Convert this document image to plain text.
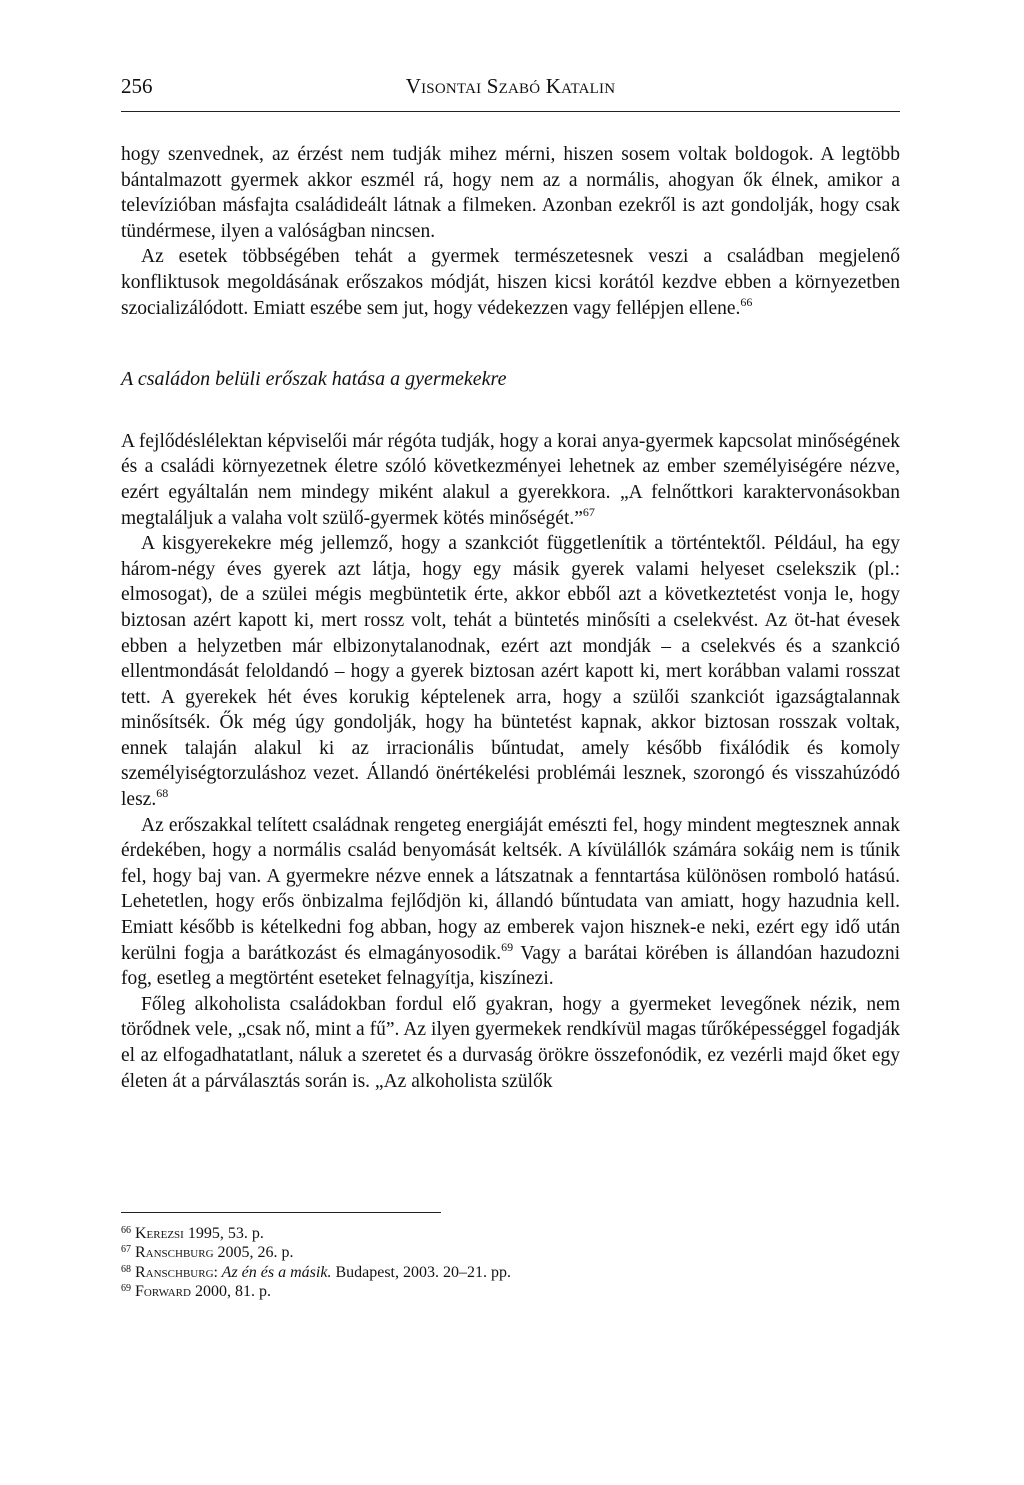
256	Visontai Szabó Katalin

hogy szenvednek, az érzést nem tudják mihez mérni, hiszen sosem voltak boldogok. A legtöbb bántalmazott gyermek akkor eszmél rá, hogy nem az a normális, ahogyan ők élnek, amikor a televízióban másfajta családideált látnak a filmeken. Azonban ezekről is azt gondolják, hogy csak tündérmese, ilyen a valóságban nincsen.

Az esetek többségében tehát a gyermek természetesnek veszi a családban megjelenő konfliktusok megoldásának erőszakos módját, hiszen kicsi korától kezdve ebben a környezetben szocializálódott. Emiatt eszébe sem jut, hogy védekezzen vagy fellépjen ellene.$^{66}$

A családon belüli erőszak hatása a gyermekekre

A fejlődéslélektan képviselői már régóta tudják, hogy a korai anya-gyermek kapcsolat minőségének és a családi környezetnek életre szóló következményei lehetnek az ember személyiségére nézve, ezért egyáltalán nem mindegy miként alakul a gyerekkora. „A felnőttkori karaktervonásokban megtaláljuk a valaha volt szülő-gyermek kötés minőségét.”$^{67}$

A kisgyerekekre még jellemző, hogy a szankciót függetlenítik a történtektől. Például, ha egy három-négy éves gyerek azt látja, hogy egy másik gyerek valami helyeset cselekszik (pl.: elmosogat), de a szülei mégis megbüntetik érte, akkor ebből azt a következtetést vonja le, hogy biztosan azért kapott ki, mert rossz volt, tehát a büntetés minősíti a cselekvést. Az öt-hat évesek ebben a helyzetben már elbizonytalanodnak, ezért azt mondják – a cselekvés és a szankció ellentmondását feloldandó – hogy a gyerek biztosan azért kapott ki, mert korábban valami rosszat tett. A gyerekek hét éves korukig képtelenek arra, hogy a szülői szankciót igazságtalannak minősítsék. Ők még úgy gondolják, hogy ha büntetést kapnak, akkor biztosan rosszak voltak, ennek talaján alakul ki az irracionális bűntudat, amely később fixálódik és komoly személyiségtorzuláshoz vezet. Állandó önértékelési problémái lesznek, szorongó és visszahúzódó lesz.$^{68}$

Az erőszakkal telített családnak rengeteg energiáját emészti fel, hogy mindent megtesznek annak érdekében, hogy a normális család benyomását keltsék. A kívülállók számára sokáig nem is tűnik fel, hogy baj van. A gyermekre nézve ennek a látszatnak a fenntartása különösen romboló hatású. Lehetetlen, hogy erős önbizalma fejlődjön ki, állandó bűntudata van amiatt, hogy hazudnia kell. Emiatt később is kételkedni fog abban, hogy az emberek vajon hisznek-e neki, ezért egy idő után kerülni fogja a barátkozást és elmagányosodik.$^{69}$ Vagy a barátai körében is állandóan hazudozni fog, esetleg a megtörtént eseteket felnagyítja, kiszínezi.

Főleg alkoholista családokban fordul elő gyakran, hogy a gyermeket levegőnek nézik, nem törődnek vele, „csak nő, mint a fű”. Az ilyen gyermekek rendkívül magas tűrőképességgel fogadják el az elfogadhatatlant, náluk a szeretet és a durvaság örökre összefonódik, ez vezérli majd őket egy életen át a párválasztás során is. „Az alkoholista szülők

$^{66}$ Kerezsi 1995, 53. p.
$^{67}$ Ranschburg 2005, 26. p.
$^{68}$ Ranschburg: Az én és a másik. Budapest, 2003. 20–21. pp.
$^{69}$ Forward 2000, 81. p.
